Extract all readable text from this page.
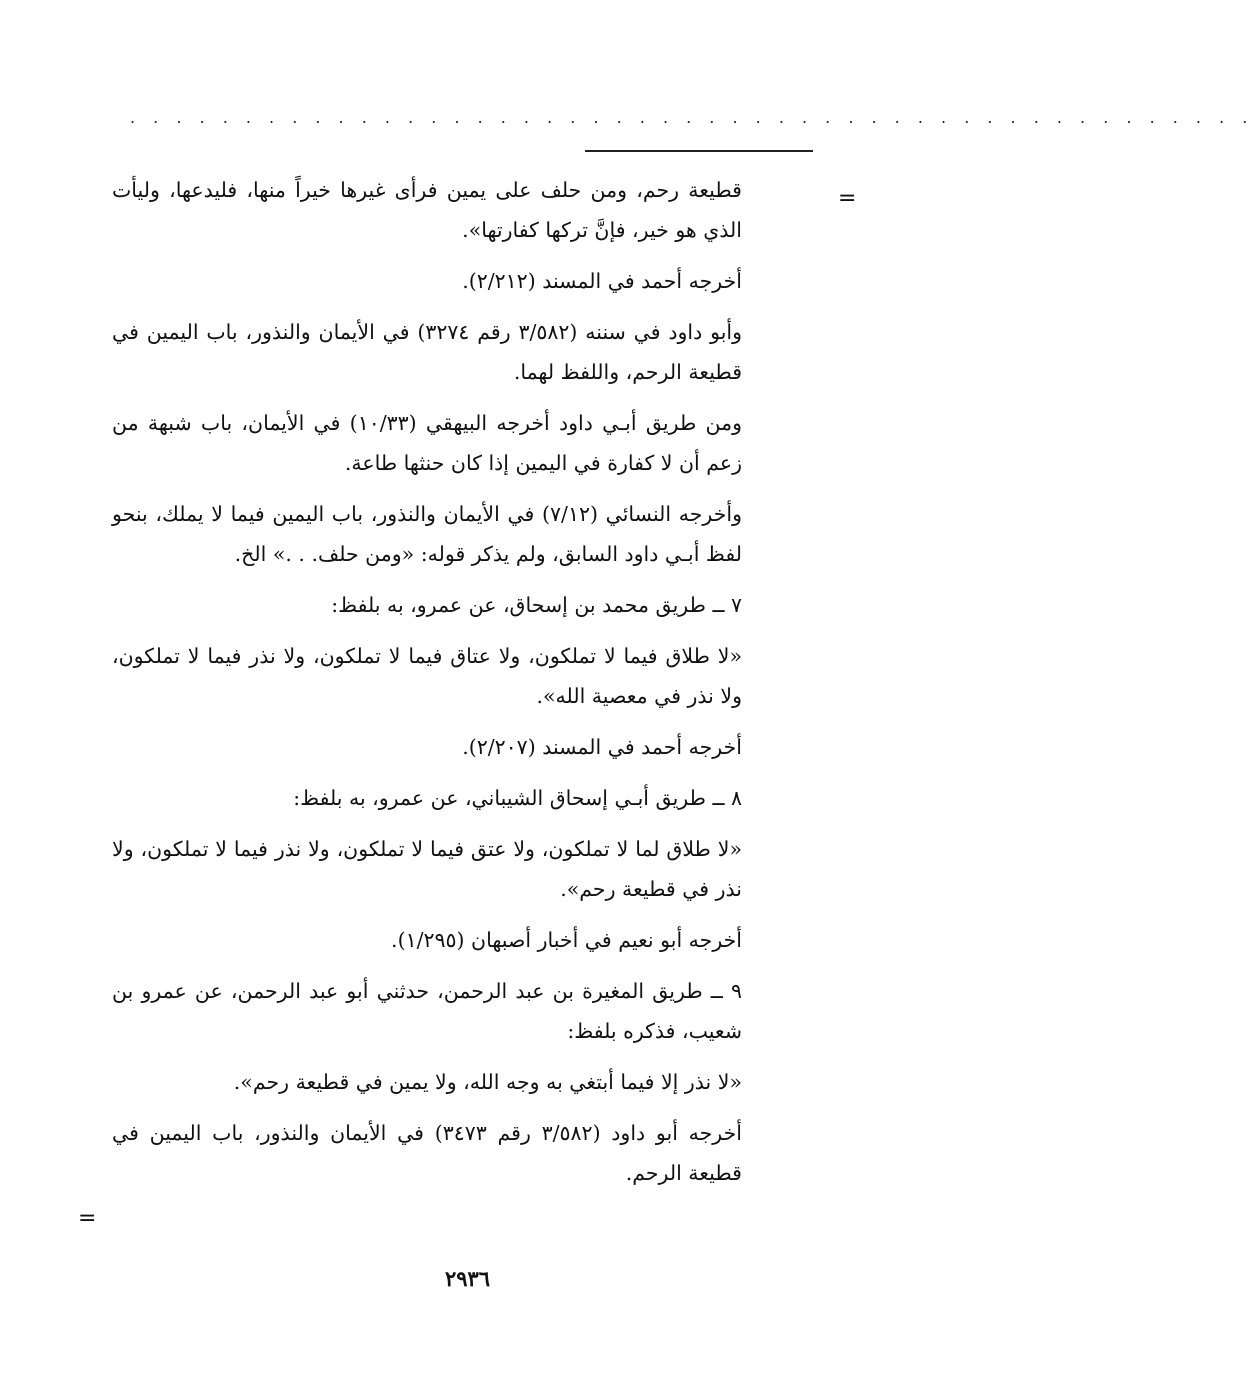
. . . . . . . . . . . . . . . . . . . . . . . . . . . . . . . . . . . . . . . . . . . . . . . . .
=

قطيعة رحم، ومن حلف على يمين فرأى غيرها خيراً منها، فليدعها، وليأت الذي هو خير، فإنَّ تركها كفارتها».

أخرجه أحمد في المسند (٢/٢١٢).

وأبو داود في سننه (٣/٥٨٢ رقم ٣٢٧٤) في الأيمان والنذور، باب اليمين في قطيعة الرحم، واللفظ لهما.

ومن طريق أبـي داود أخرجه البيهقي (١٠/٣٣) في الأيمان، باب شبهة من زعم أن لا كفارة في اليمين إذا كان حنثها طاعة.

وأخرجه النسائي (٧/١٢) في الأيمان والنذور، باب اليمين فيما لا يملك، بنحو لفظ أبـي داود السابق، ولم يذكر قوله: «ومن حلف. . .» الخ.

٧ ــ طريق محمد بن إسحاق، عن عمرو، به بلفظ:

«لا طلاق فيما لا تملكون، ولا عتاق فيما لا تملكون، ولا نذر فيما لا تملكون، ولا نذر في معصية الله».

أخرجه أحمد في المسند (٢/٢٠٧).

٨ ــ طريق أبـي إسحاق الشيباني، عن عمرو، به بلفظ:

«لا طلاق لما لا تملكون، ولا عتق فيما لا تملكون، ولا نذر فيما لا تملكون، ولا نذر في قطيعة رحم».

أخرجه أبو نعيم في أخبار أصبهان (١/٢٩٥).

٩ ــ طريق المغيرة بن عبد الرحمن، حدثني أبو عبد الرحمن، عن عمرو بن شعيب، فذكره بلفظ:

«لا نذر إلا فيما أبتغي به وجه الله، ولا يمين في قطيعة رحم».

أخرجه أبو داود (٣/٥٨٢ رقم ٣٤٧٣) في الأيمان والنذور، باب اليمين في قطيعة الرحم.

=
٢٩٣٦
